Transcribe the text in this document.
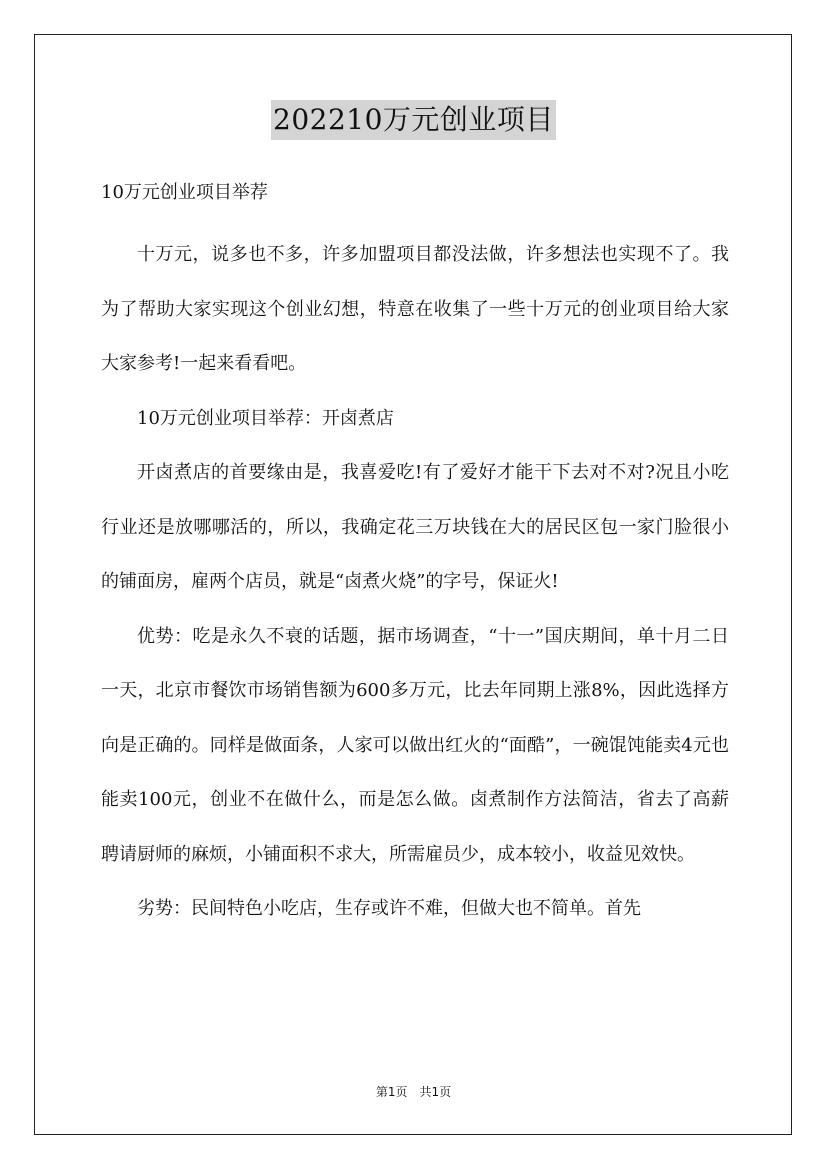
202210万元创业项目
10万元创业项目举荐

十万元，说多也不多，许多加盟项目都没法做，许多想法也实现不了。我为了帮助大家实现这个创业幻想，特意在收集了一些十万元的创业项目给大家大家参考!一起来看看吧。

10万元创业项目举荐：开卤煮店

开卤煮店的首要缘由是，我喜爱吃!有了爱好才能干下去对不对?况且小吃行业还是放哪哪活的，所以，我确定花三万块钱在大的居民区包一家门脸很小的铺面房，雇两个店员，就是“卤煮火烧”的字号，保证火!

优势：吃是永久不衰的话题，据市场调查，“十一”国庆期间，单十月二日一天，北京市餐饮市场销售额为600多万元，比去年同期上涨8%，因此选择方向是正确的。同样是做面条，人家可以做出红火的“面酷”，一碗馄饨能卖4元也能卖100元，创业不在做什么，而是怎么做。卤煮制作方法简洁，省去了高薪聘请厨师的麻烦，小铺面积不求大，所需雇员少，成本较小，收益见效快。

劣势：民间特色小吃店，生存或许不难，但做大也不简单。首先

第1页 共1页
